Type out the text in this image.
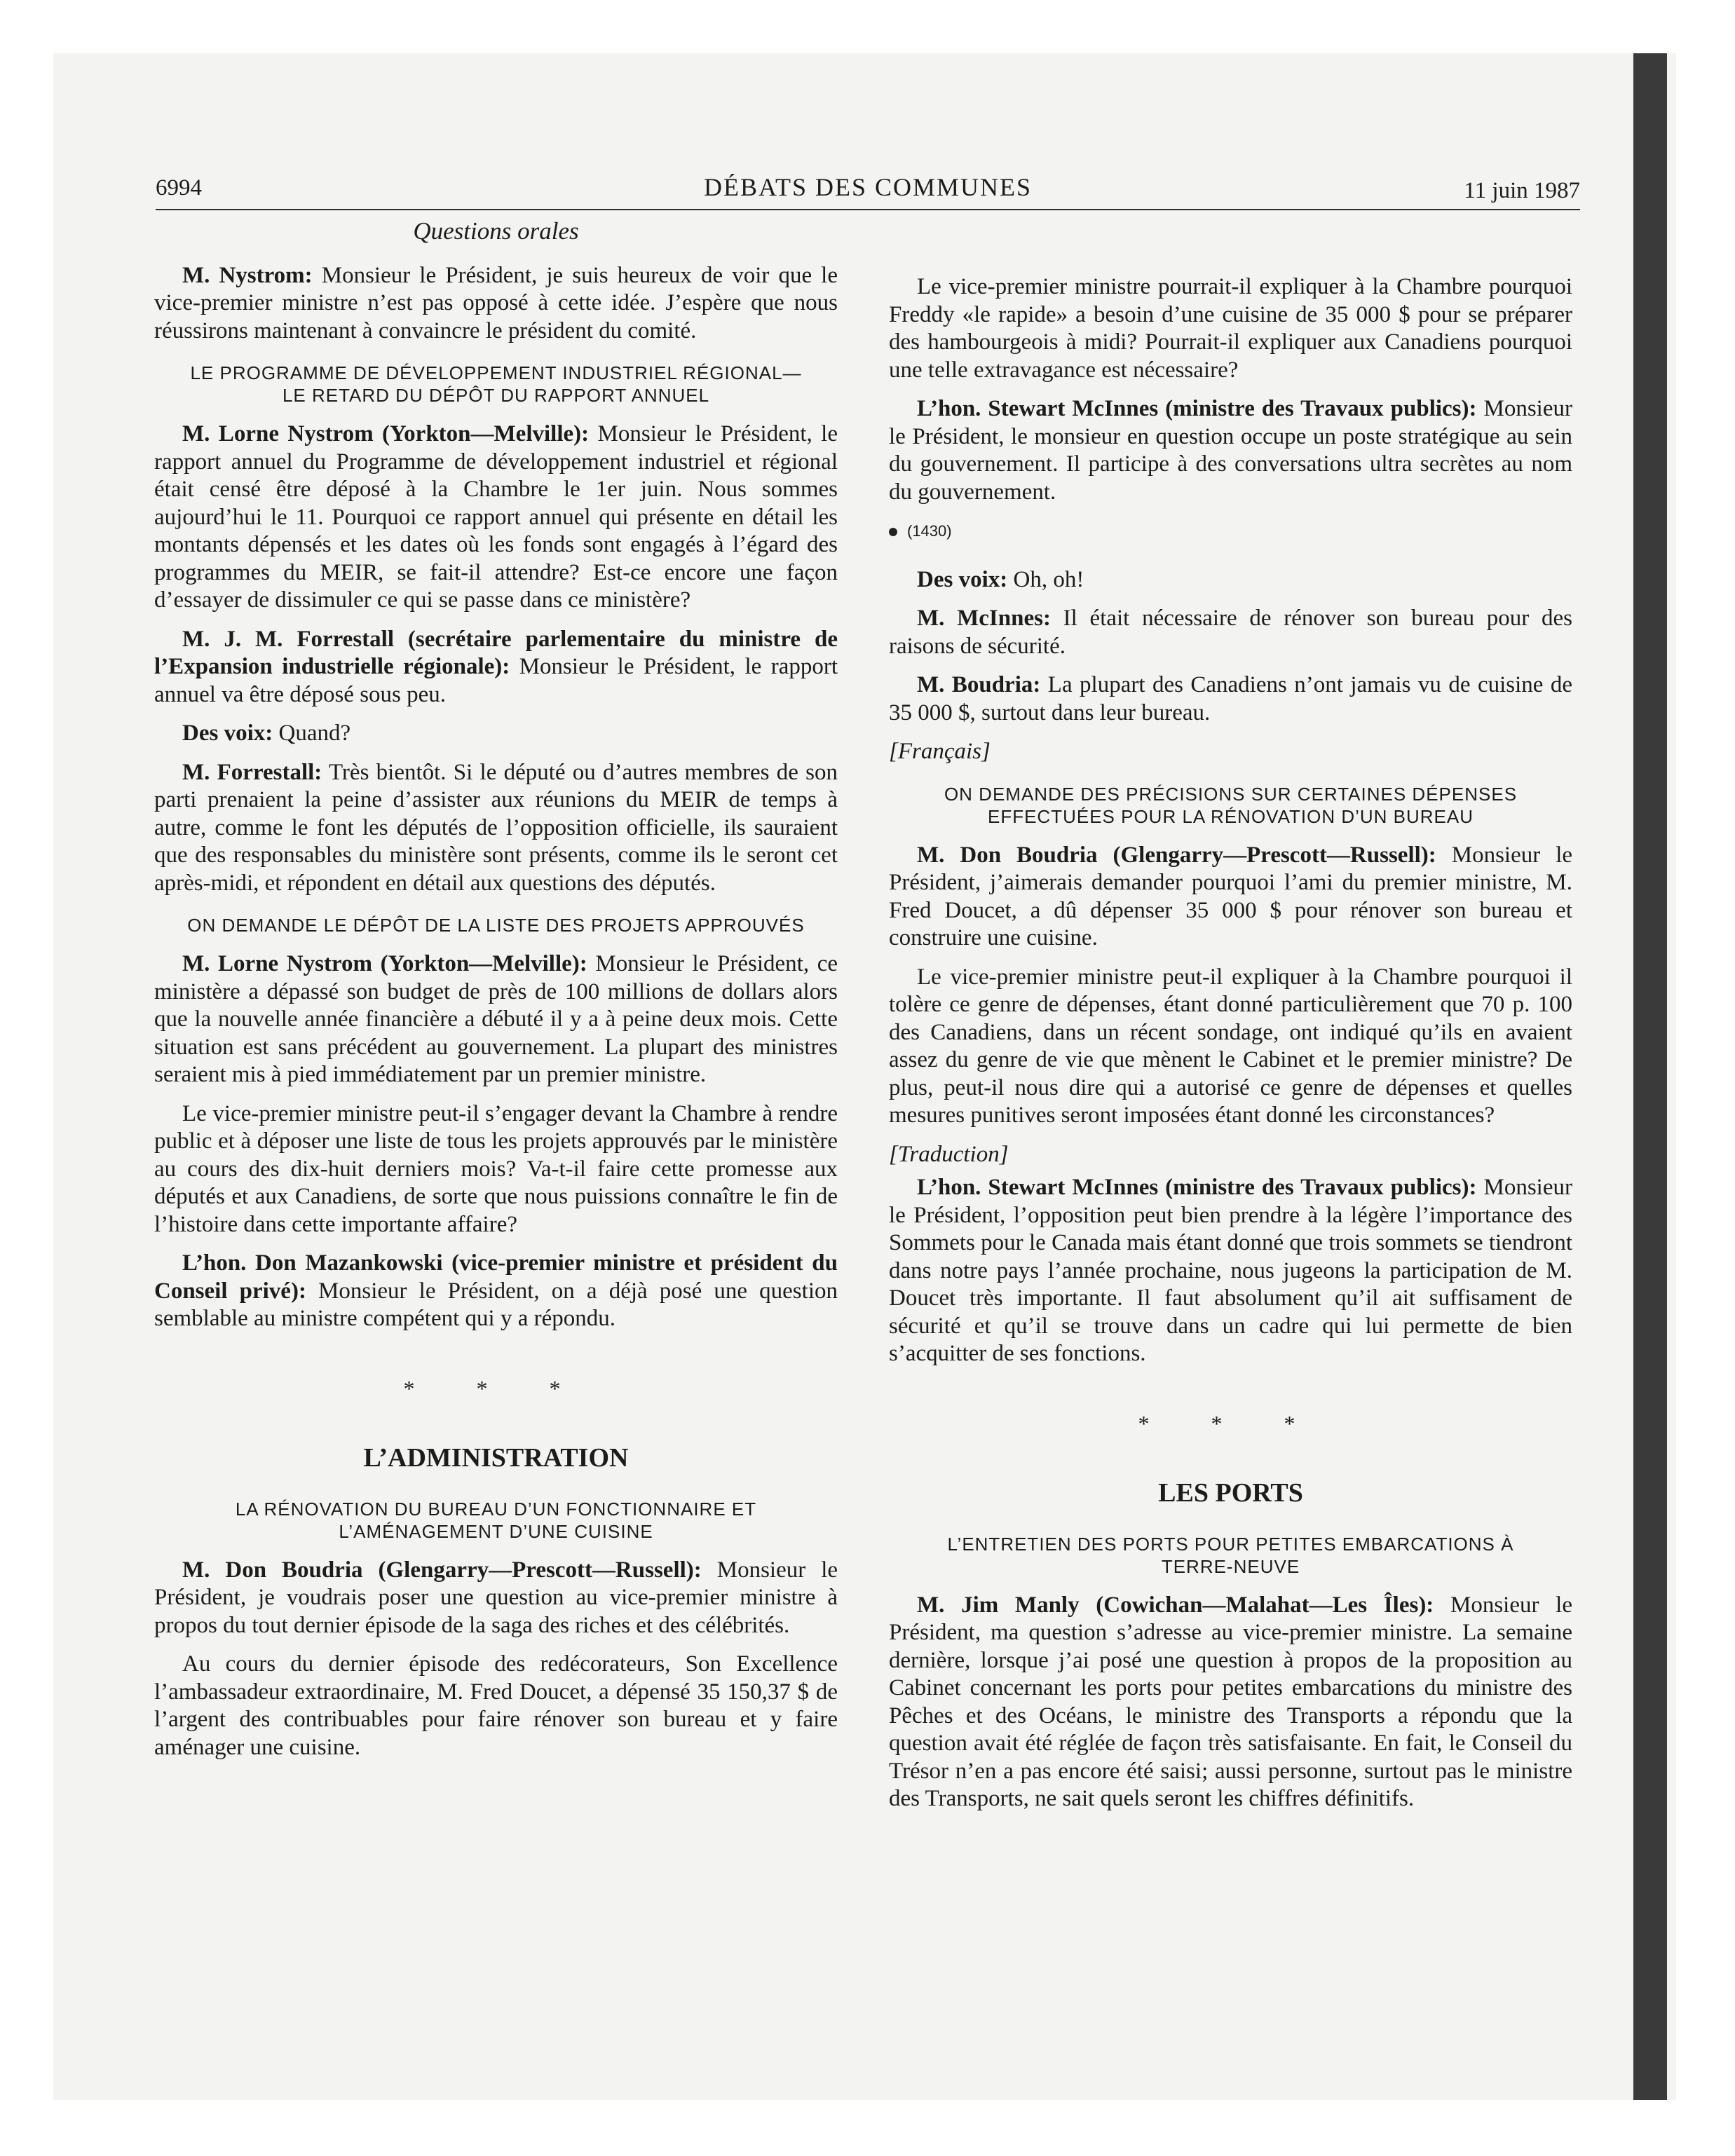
6994	DÉBATS DES COMMUNES	11 juin 1987
Questions orales

M. Nystrom: Monsieur le Président, je suis heureux de voir que le vice-premier ministre n’est pas opposé à cette idée. J’espère que nous réussirons maintenant à convaincre le président du comité.

LE PROGRAMME DE DÉVELOPPEMENT INDUSTRIEL RÉGIONAL—
LE RETARD DU DÉPÔT DU RAPPORT ANNUEL

M. Lorne Nystrom (Yorkton—Melville): Monsieur le Président, le rapport annuel du Programme de développement industriel et régional était censé être déposé à la Chambre le 1er juin. Nous sommes aujourd’hui le 11. Pourquoi ce rapport annuel qui présente en détail les montants dépensés et les dates où les fonds sont engagés à l’égard des programmes du MEIR, se fait-il attendre? Est-ce encore une façon d’essayer de dissimuler ce qui se passe dans ce ministère?

M. J. M. Forrestall (secrétaire parlementaire du ministre de l’Expansion industrielle régionale): Monsieur le Président, le rapport annuel va être déposé sous peu.

Des voix: Quand?

M. Forrestall: Très bientôt. Si le député ou d’autres membres de son parti prenaient la peine d’assister aux réunions du MEIR de temps à autre, comme le font les députés de l’opposition officielle, ils sauraient que des responsables du ministère sont présents, comme ils le seront cet après-midi, et répondent en détail aux questions des députés.

ON DEMANDE LE DÉPÔT DE LA LISTE DES PROJETS APPROUVÉS

M. Lorne Nystrom (Yorkton—Melville): Monsieur le Président, ce ministère a dépassé son budget de près de 100 millions de dollars alors que la nouvelle année financière a débuté il y a à peine deux mois. Cette situation est sans précédent au gouvernement. La plupart des ministres seraient mis à pied immédiatement par un premier ministre.

Le vice-premier ministre peut-il s’engager devant la Chambre à rendre public et à déposer une liste de tous les projets approuvés par le ministère au cours des dix-huit derniers mois? Va-t-il faire cette promesse aux députés et aux Canadiens, de sorte que nous puissions connaître le fin de l’histoire dans cette importante affaire?

L’hon. Don Mazankowski (vice-premier ministre et président du Conseil privé): Monsieur le Président, on a déjà posé une question semblable au ministre compétent qui y a répondu.

* * *
L’ADMINISTRATION
LA RÉNOVATION DU BUREAU D’UN FONCTIONNAIRE ET
L’AMÉNAGEMENT D’UNE CUISINE

M. Don Boudria (Glengarry—Prescott—Russell): Monsieur le Président, je voudrais poser une question au vice-premier ministre à propos du tout dernier épisode de la saga des riches et des célébrités.

Au cours du dernier épisode des redécorateurs, Son Excellence l’ambassadeur extraordinaire, M. Fred Doucet, a dépensé 35 150,37 $ de l’argent des contribuables pour faire rénover son bureau et y faire aménager une cuisine.

Le vice-premier ministre pourrait-il expliquer à la Chambre pourquoi Freddy «le rapide» a besoin d’une cuisine de 35 000 $ pour se préparer des hambourgeois à midi? Pourrait-il expliquer aux Canadiens pourquoi une telle extravagance est nécessaire?

L’hon. Stewart McInnes (ministre des Travaux publics): Monsieur le Président, le monsieur en question occupe un poste stratégique au sein du gouvernement. Il participe à des conversations ultra secrètes au nom du gouvernement.

(1430)

Des voix: Oh, oh!

M. McInnes: Il était nécessaire de rénover son bureau pour des raisons de sécurité.

M. Boudria: La plupart des Canadiens n’ont jamais vu de cuisine de 35 000 $, surtout dans leur bureau.

[Français]
ON DEMANDE DES PRÉCISIONS SUR CERTAINES DÉPENSES
EFFECTUÉES POUR LA RÉNOVATION D’UN BUREAU

M. Don Boudria (Glengarry—Prescott—Russell): Monsieur le Président, j’aimerais demander pourquoi l’ami du premier ministre, M. Fred Doucet, a dû dépenser 35 000 $ pour rénover son bureau et construire une cuisine.

Le vice-premier ministre peut-il expliquer à la Chambre pourquoi il tolère ce genre de dépenses, étant donné particulièrement que 70 p. 100 des Canadiens, dans un récent sondage, ont indiqué qu’ils en avaient assez du genre de vie que mènent le Cabinet et le premier ministre? De plus, peut-il nous dire qui a autorisé ce genre de dépenses et quelles mesures punitives seront imposées étant donné les circonstances?

[Traduction]

L’hon. Stewart McInnes (ministre des Travaux publics): Monsieur le Président, l’opposition peut bien prendre à la légère l’importance des Sommets pour le Canada mais étant donné que trois sommets se tiendront dans notre pays l’année prochaine, nous jugeons la participation de M. Doucet très importante. Il faut absolument qu’il ait suffisament de sécurité et qu’il se trouve dans un cadre qui lui permette de bien s’acquitter de ses fonctions.

* * *
LES PORTS
L’ENTRETIEN DES PORTS POUR PETITES EMBARCATIONS À
TERRE-NEUVE

M. Jim Manly (Cowichan—Malahat—Les Îles): Monsieur le Président, ma question s’adresse au vice-premier ministre. La semaine dernière, lorsque j’ai posé une question à propos de la proposition au Cabinet concernant les ports pour petites embarcations du ministre des Pêches et des Océans, le ministre des Transports a répondu que la question avait été réglée de façon très satisfaisante. En fait, le Conseil du Trésor n’en a pas encore été saisi; aussi personne, surtout pas le ministre des Transports, ne sait quels seront les chiffres définitifs.
